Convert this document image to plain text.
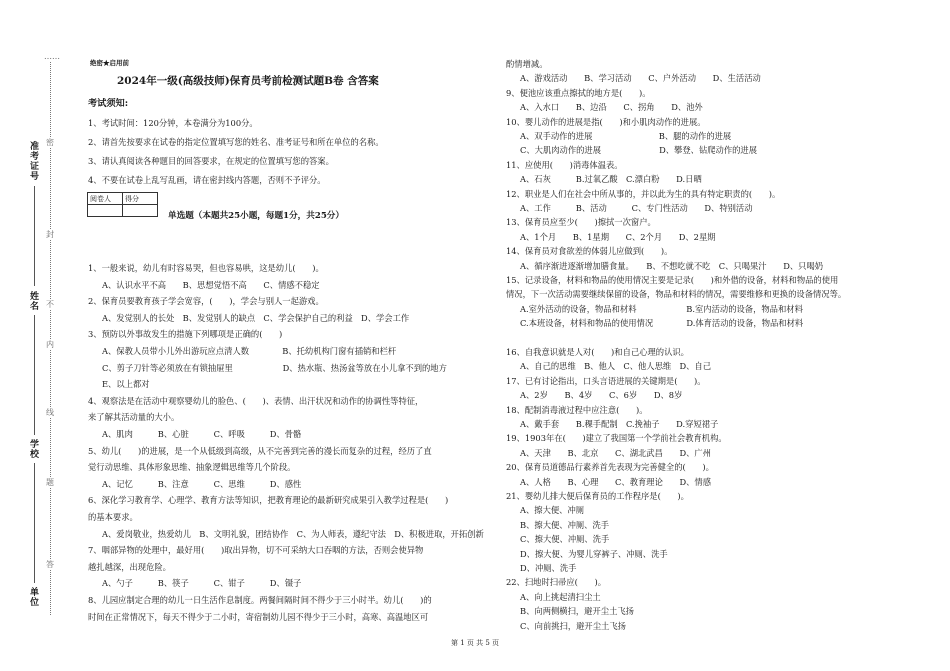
准考证号
姓名
学校
单位
……
密
封
不
内
线
题
答
绝密★启用前
2024年一级(高级技师)保育员考前检测试题B卷 含答案
考试须知:
1、考试时间：120分钟，本卷满分为100分。
2、请首先按要求在试卷的指定位置填写您的姓名、准考证号和所在单位的名称。
3、请认真阅读各种题目的回答要求，在规定的位置填写您的答案。
4、不要在试卷上乱写乱画，请在密封线内答题，否则不予评分。
阅卷人	得分

单选题（本题共25小题，每题1分，共25分）
1、一般来说，幼儿有时容易哭，但也容易哄，这是幼儿(　　)。
A、认识水平不高　　B、思想觉悟不高　　C、情感不稳定
2、保育员要教育孩子学会宽容，(　　)，学会与别人一起游戏。
A、发觉别人的长处　B、发觉别人的缺点　C、学会保护自己的利益　D、学会工作
3、预防以外事故发生的措施下列哪项是正确的(　　)
A、保教人员带小儿外出游玩应点清人数　　　　B、托幼机构门窗有插销和栏杆
C、剪子刀针等必须放在有锁抽屉里　　　　　　D、热水瓶、热汤盆等放在小儿拿不到的地方
E、以上都对
4、观察法是在活动中观察婴幼儿的脸色、(　　)、表情、出汗状况和动作的协调性等特征，
来了解其活动量的大小。
A、肌肉　　　B、心脏　　　C、呼吸　　　D、骨骼
5、幼儿(　　)的进展，是一个从低级到高级，从不完善到完善的漫长而复杂的过程，经历了直
觉行动思维、具体形象思维、抽象逻辑思维等几个阶段。
A、记忆　　　B、注意　　　C、思维　　　D、感性
6、深化学习教育学、心理学、教育方法等知识，把教育理论的最新研究成果引入教学过程是(　　)
的基本要求。
A、爱岗敬业，热爱幼儿　B、文明礼貌，团结协作　C、为人师表，遵纪守法　D、积极进取，开拓创新
7、咽部异物的处理中，最好用(　　)取出异物，切不可采纳大口吞咽的方法，否则会使异物
越扎越深，出现危险。
A、勺子　　　B、筷子　　　C、钳子　　　D、镊子
8、儿园应制定合理的幼儿一日生活作息制度。两餐间隔时间不得少于三小时半。幼儿(　　)的
时间在正常情况下，每天不得少于二小时，寄宿制幼儿园不得少于三小时，高寒、高温地区可
酌情增减。
A、游戏活动　　B、学习活动　　C、户外活动　　D、生活活动
9、便池应该重点擦拭的地方是(　　)。
A、入水口　　B、边沿　　C、拐角　　D、池外
10、婴儿动作的进展是指(　　)和小肌肉动作的进展。
A、双手动作的进展　　　　　　　　B、腿的动作的进展
C、大肌肉动作的进展　　　　　　　D、攀登、钻爬动作的进展
11、应使用(　　)消毒体温表。
A、石灰　　　B.过氧乙酸　C.漂白粉　　D.日晒
12、职业是人们在社会中所从事的，并以此为生的具有特定职责的(　　)。
A、工作　　　B、活动　　　C、专门性活动　　D、特别活动
13、保育员应至少(　　)擦拭一次窗户。
A、1个月　　B、1星期　　C、2个月　　D、2星期
14、保育员对食欲差的体弱儿应做到(　　)。
A、循序渐进逐渐增加膳食量。　　B、不想吃就不吃　C、只喝果汁　　D、只喝奶
15、记录设备，材料和物品的使用情况主要是记录(　　)和外借的设备，材料和物品的使用
情况，下一次活动需要继续保留的设备，物品和材料的情况，需要维修和更换的设备情况等。
A.室外活动的设备，物品和材料　　　　　　B.室内活动的设备，物品和材料
C.本班设备，材料和物品的使用情况　　　　D.体育活动的设备，物品和材料
16、自我意识就是人对(　　)和自己心理的认识。
A、自己的思维　B、他人　C、他人思维　D、自己
17、已有讨论指出，口头言语进展的关键期是(　　)。
A、2岁　　B、4岁　　C、6岁　　D、8岁
18、配制消毒液过程中应注意(　　)。
A、戴手套　　B.稞手配制　C.挽袖子　　D.穿短裙子
19、1903年在(　　)建立了我国第一个学前社会教育机构。
A、天津　　B、北京　　C、湖北武昌　　D、广州
20、保育员道德品行素养首先表现为完善健全的(　　)。
A、人格　　B、心理　　C、教育理论　　D、情感
21、婴幼儿排大便后保育员的工作程序是(　　)。
A、擦大便、冲厕
B、擦大便、冲厕、洗手
C、擦大便、冲厕、洗手
D、擦大便、为婴儿穿裤子、冲厕、洗手
D、冲厕、洗手
22、扫地时扫帚应(　　)。
A、向上挑起清扫尘土
B、向两侧横扫，避开尘土飞扬
C、向前挑扫，避开尘土飞扬
第 1 页 共 5 页
